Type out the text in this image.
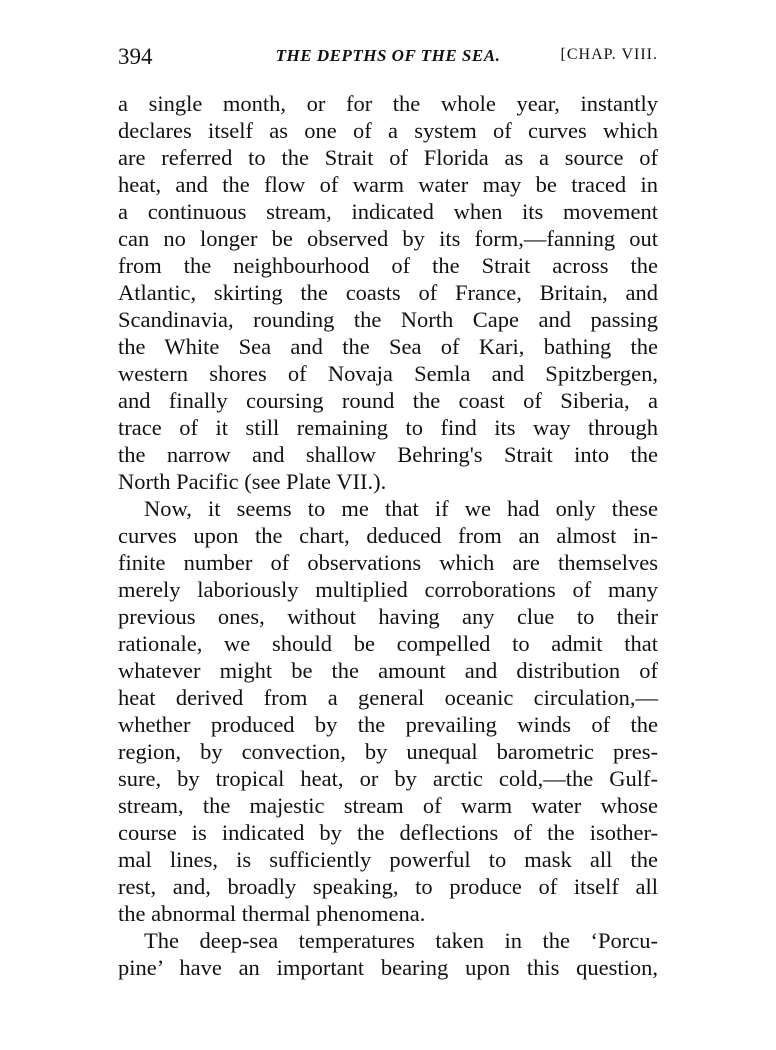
394	THE DEPTHS OF THE SEA.	[CHAP. VIII.
a single month, or for the whole year, instantly
declares itself as one of a system of curves which
are referred to the Strait of Florida as a source of
heat, and the flow of warm water may be traced in
a continuous stream, indicated when its movement
can no longer be observed by its form,—fanning out
from the neighbourhood of the Strait across the
Atlantic, skirting the coasts of France, Britain, and
Scandinavia, rounding the North Cape and passing
the White Sea and the Sea of Kari, bathing the
western shores of Novaja Semla and Spitzbergen,
and finally coursing round the coast of Siberia, a
trace of it still remaining to find its way through
the narrow and shallow Behring's Strait into the
North Pacific (see Plate VII.).
Now, it seems to me that if we had only these
curves upon the chart, deduced from an almost in-
finite number of observations which are themselves
merely laboriously multiplied corroborations of many
previous ones, without having any clue to their
rationale, we should be compelled to admit that
whatever might be the amount and distribution of
heat derived from a general oceanic circulation,—
whether produced by the prevailing winds of the
region, by convection, by unequal barometric pres-
sure, by tropical heat, or by arctic cold,—the Gulf-
stream, the majestic stream of warm water whose
course is indicated by the deflections of the isother-
mal lines, is sufficiently powerful to mask all the
rest, and, broadly speaking, to produce of itself all
the abnormal thermal phenomena.
The deep-sea temperatures taken in the ‘Porcu-
pine’ have an important bearing upon this question,
